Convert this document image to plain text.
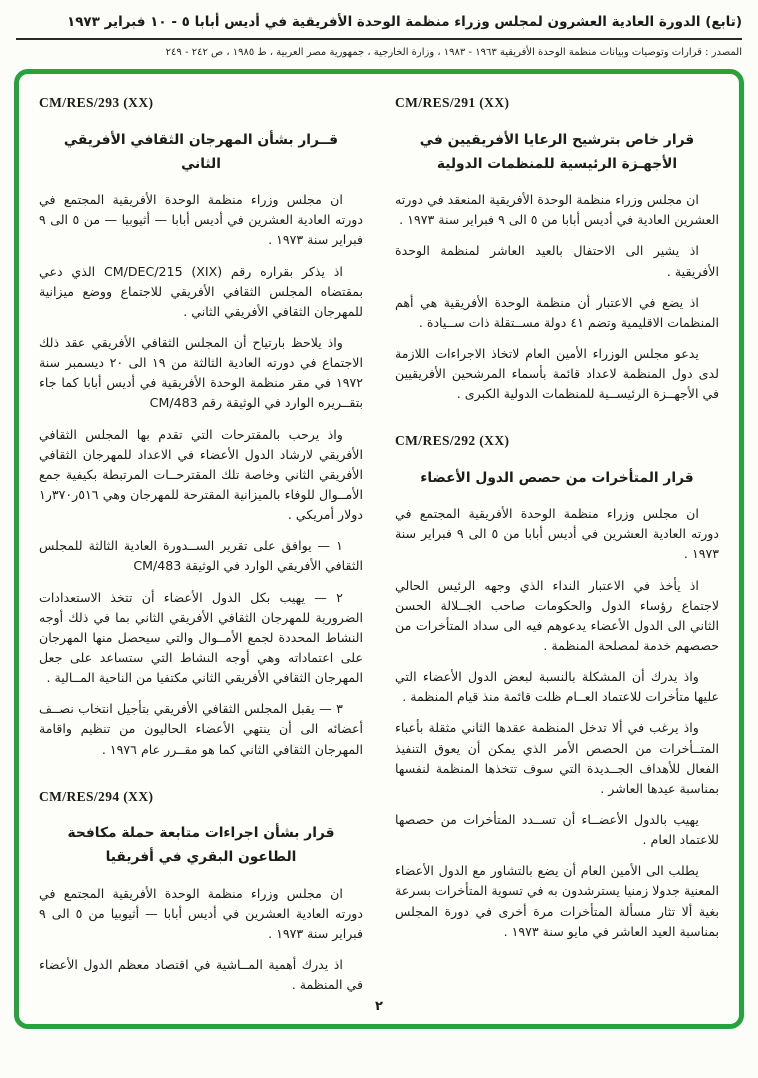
(تابع) الدورة العادية العشرون لمجلس وزراء منظمة الوحدة الأفريقية في أديس أبابا ٥ - ١٠ فبراير ١٩٧٣
المصدر : قرارات وتوصيات وبيانات منظمة الوحدة الأفريقية ١٩٦٣ - ١٩٨٣ ، وزارة الخارجية ، جمهورية مصر العربية ، ط ١٩٨٥ ، ص ٢٤٢ - ٢٤٩
CM/RES/291 (XX)
قرار خاص بترشيح الرعايا الأفريقيين في الأجهـزة الرئيسية للمنظمات الدولية

ان مجلس وزراء منظمة الوحدة الأفريقية المنعقد في دورته العشرين العادية في أديس أبابا من ٥ الى ٩ فبراير سنة ١٩٧٣ .

اذ يشير الى الاحتفال بالعيد العاشر لمنظمة الوحدة الأفريقية .

اذ يضع في الاعتبار أن منظمة الوحدة الأفريقية هي أهم المنظمات الاقليمية وتضم ٤١ دولة مســتقلة ذات ســيادة .

يدعو مجلس الوزراء الأمين العام لاتخاذ الاجراءات اللازمة لدى دول المنظمة لاعداد قائمة بأسماء المرشحين الأفريقيين في الأجهــزة الرئيســية للمنظمات الدولية الكبرى .

CM/RES/292 (XX)
قرار المتأخرات من حصص الدول الأعضاء

ان مجلس وزراء منظمة الوحدة الأفريقية المجتمع في دورته العادية العشرين في أديس أبابا من ٥ الى ٩ فبراير سنة ١٩٧٣ .

اذ يأخذ في الاعتبار النداء الذي وجهه الرئيس الحالي لاجتماع رؤساء الدول والحكومات صاحب الجــلالة الحسن الثاني الى الدول الأعضاء يدعوهم فيه الى سداد المتأخرات من حصصهم خدمة لمصلحة المنظمة .

واذ يدرك أن المشكلة بالنسبة لبعض الدول الأعضاء التي عليها متأخرات للاعتماد العــام ظلت قائمة منذ قيام المنظمة .

واذ يرغب في ألا تدخل المنظمة عقدها الثاني مثقلة بأعباء المتــأخرات من الحصص الأمر الذي يمكن أن يعوق التنفيذ الفعال للأهداف الجــديدة التي سوف تتخذها المنظمة لنفسها بمناسبة عيدها العاشر .

يهيب بالدول الأعضــاء أن تســدد المتأخرات من حصصها للاعتماد العام .

يطلب الى الأمين العام أن يضع بالتشاور مع الدول الأعضاء المعنية جدولا زمنيا يسترشدون به في تسوية المتأخرات بسرعة بغية ألا تثار مسألة المتأخرات مرة أخرى في دورة المجلس بمناسبة العيد العاشر في مايو سنة ١٩٧٣ .

CM/RES/293 (XX)
قــرار بشأن المهرجان الثقافي الأفريقي الثاني

ان مجلس وزراء منظمة الوحدة الأفريقية المجتمع في دورته العادية العشرين في أديس أبابا — أثيوبيا — من ٥ الى ٩ فبراير سنة ١٩٧٣ .

اذ يذكر بقراره رقم CM/DEC/215 (XIX) الذي دعي بمقتضاه المجلس الثقافي الأفريقي للاجتماع ووضع ميزانية للمهرجان الثقافي الأفريقي الثاني .

واذ يلاحظ بارتياح أن المجلس الثقافي الأفريقي عقد ذلك الاجتماع في دورته العادية الثالثة من ١٩ الى ٢٠ ديسمبر سنة ١٩٧٢ في مقر منظمة الوحدة الأفريقية في أديس أبابا كما جاء بتقــريره الوارد في الوثيقة رقم CM/483

واذ يرحب بالمقترحات التي تقدم بها المجلس الثقافي الأفريقي لارشاد الدول الأعضاء في الاعداد للمهرجان الثقافي الأفريقي الثاني وخاصة تلك المقترحــات المرتبطة بكيفية جمع الأمــوال للوفاء بالميزانية المقترحة للمهرجان وهي ٥١٦ر٣٧٠ر١ دولار أمريكي .

١ — يوافق على تقرير الســدورة العادية الثالثة للمجلس الثقافي الأفريقي الوارد في الوثيقة CM/483

٢ — يهيب بكل الدول الأعضاء أن تتخذ الاستعدادات الضرورية للمهرجان الثقافي الأفريقي الثاني بما في ذلك أوجه النشاط المحددة لجمع الأمــوال والتي سيحصل منها المهرجان على اعتماداته وهي أوجه النشاط التي ستساعد على جعل المهرجان الثقافي الأفريقي الثاني مكتفيا من الناحية المــالية .

٣ — يقبل المجلس الثقافي الأفريقي بتأجيل انتخاب نصــف أعضائه الى أن ينتهي الأعضاء الحاليون من تنظيم واقامة المهرجان الثقافي الثاني كما هو مقــرر عام ١٩٧٦ .

CM/RES/294 (XX)
قرار بشأن اجراءات متابعة حملة مكافحة الطاعون البقري في أفريقيا

ان مجلس وزراء منظمة الوحدة الأفريقية المجتمع في دورته العادية العشرين في أديس أبابا — أثيوبيا من ٥ الى ٩ فبراير سنة ١٩٧٣ .

اذ يدرك أهمية المــاشية في اقتصاد معظم الدول الأعضاء في المنظمة .

٢
